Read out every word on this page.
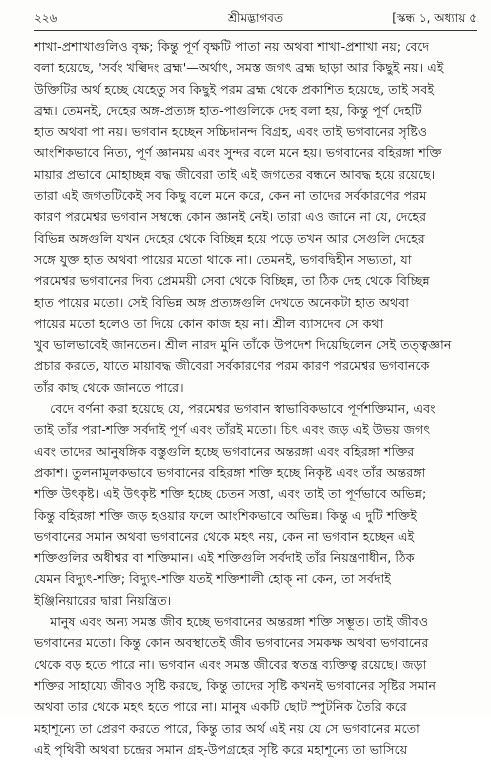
২২৬	শ্রীমদ্ভাগবত	[স্কন্ধ ১, অধ্যায় ৫
শাখা-প্রশাখাগুলিও বৃক্ষ; কিন্তু পূর্ণ বৃক্ষটি পাতা নয় অথবা শাখা-প্রশাখা নয়; বেদে
বলা হয়েছে, 'সর্বং খল্বিদং ব্রহ্ম'—অর্থাৎ, সমস্ত জগৎ ব্রহ্ম ছাড়া আর কিছুই নয়। এই
উক্তিটির অর্থ হচ্ছে যেহেতু সব কিছুই পরম ব্রহ্ম থেকে প্রকাশিত হয়েছে, তাই সবই
ব্রহ্ম। তেমনই, দেহের অঙ্গ-প্রত্যঙ্গ হাত-পাগুলিকে দেহ বলা হয়, কিন্তু পূর্ণ দেহটি
হাত অথবা পা নয়। ভগবান হচ্ছেন সচ্চিদানন্দ বিগ্রহ, এবং তাই ভগবানের সৃষ্টিও
আংশিকভাবে নিত্য, পূর্ণ জ্ঞানময় এবং সুন্দর বলে মনে হয়। ভগবানের বহিরঙ্গা শক্তি
মায়ার প্রভাবে মোহাচ্ছন্ন বদ্ধ জীবেরা তাই এই জগতের বন্ধনে আবদ্ধ হয়ে রয়েছে।
তারা এই জগতটিকেই সব কিছু বলে মনে করে, কেন না তাদের সর্বকারণের পরম
কারণ পরমেশ্বর ভগবান সম্বন্ধে কোন জ্ঞানই নেই। তারা এও জানে না যে, দেহের
বিভিন্ন অঙ্গগুলি যখন দেহের থেকে বিচ্ছিন্ন হয়ে পড়ে তখন আর সেগুলি দেহের
সঙ্গে যুক্ত হাত অথবা পায়ের মতো থাকে না। তেমনই, ভগবদ্বিহীন সভ্যতা, যা
পরমেশ্বর ভগবানের দিব্য প্রেমময়ী সেবা থেকে বিচ্ছিন্ন, তা ঠিক দেহ থেকে বিচ্ছিন্ন
হাত পায়ের মতো। সেই বিভিন্ন অঙ্গ প্রত্যঙ্গগুলি দেখতে অনেকটা হাত অথবা
পায়ের মতো হলেও তা দিয়ে কোন কাজ হয় না। শ্রীল ব্যাসদেব সে কথা
খুব ভালভাবেই জানতেন। শ্রীল নারদ মুনি তাঁকে উপদেশ দিয়েছিলেন সেই তত্ত্বজ্ঞান
প্রচার করতে, যাতে মায়াবদ্ধ জীবেরা সর্বকারণের পরম কারণ পরমেশ্বর ভগবানকে
তাঁর কাছ থেকে জানতে পারে।
বেদে বর্ণনা করা হয়েছে যে, পরমেশ্বর ভগবান স্বাভাবিকভাবে পূর্ণশক্তিমান, এবং
তাই তাঁর পরা-শক্তি সর্বদাই পূর্ণ এবং তাঁরই মতো। চিৎ এবং জড় এই উভয় জগৎ
এবং তাদের আনুষঙ্গিক বস্তুগুলি হচ্ছে ভগবানের অন্তরঙ্গা এবং বহিরঙ্গা শক্তির
প্রকাশ। তুলনামূলকভাবে ভগবানের বহিরঙ্গা শক্তি হচ্ছে নিকৃষ্ট এবং তাঁর অন্তরঙ্গা
শক্তি উৎকৃষ্ট। এই উৎকৃষ্ট শক্তি হচ্ছে চেতন সত্তা, এবং তাই তা পূর্ণভাবে অভিন্ন;
কিন্তু বহিরঙ্গা শক্তি জড় হওয়ার ফলে আংশিকভাবে অভিন্ন। কিন্তু এ দুটি শক্তিই
ভগবানের সমান অথবা ভগবানের থেকে মহৎ নয়, কেন না ভগবান হচ্ছেন এই
শক্তিগুলির অধীশ্বর বা শক্তিমান। এই শক্তিগুলি সর্বদাই তাঁর নিয়ন্ত্রণাধীন, ঠিক
যেমন বিদ্যুৎ-শক্তি; বিদ্যুৎ-শক্তি যতই শক্তিশালী হোক্ না কেন, তা সর্বদাই
ইঞ্জিনিয়ারের দ্বারা নিয়ন্ত্রিত।
মানুষ এবং অন্য সমস্ত জীব হচ্ছে ভগবানের অন্তরঙ্গা শক্তি সম্ভূত। তাই জীবও
ভগবানের মতো। কিন্তু কোন অবস্থাতেই জীব ভগবানের সমকক্ষ অথবা ভগবানের
থেকে বড় হতে পারে না। ভগবান এবং সমস্ত জীবের স্বতন্ত্র ব্যক্তিত্ব রয়েছে। জড়া
শক্তির সাহায্যে জীবও সৃষ্টি করছে, কিন্তু তাদের সৃষ্টি কখনই ভগবানের সৃষ্টির সমান
অথবা তার থেকে মহৎ হতে পারে না। মানুষ একটি ছোট স্পুটনিক তৈরি করে
মহাশূন্যে তা প্রেরণ করতে পারে, কিন্তু তার অর্থ এই নয় যে সে ভগবানের মতো
এই পৃথিবী অথবা চন্দ্রের সমান গ্রহ-উপগ্রহের সৃষ্টি করে মহাশূন্যে তা ভাসিয়ে
